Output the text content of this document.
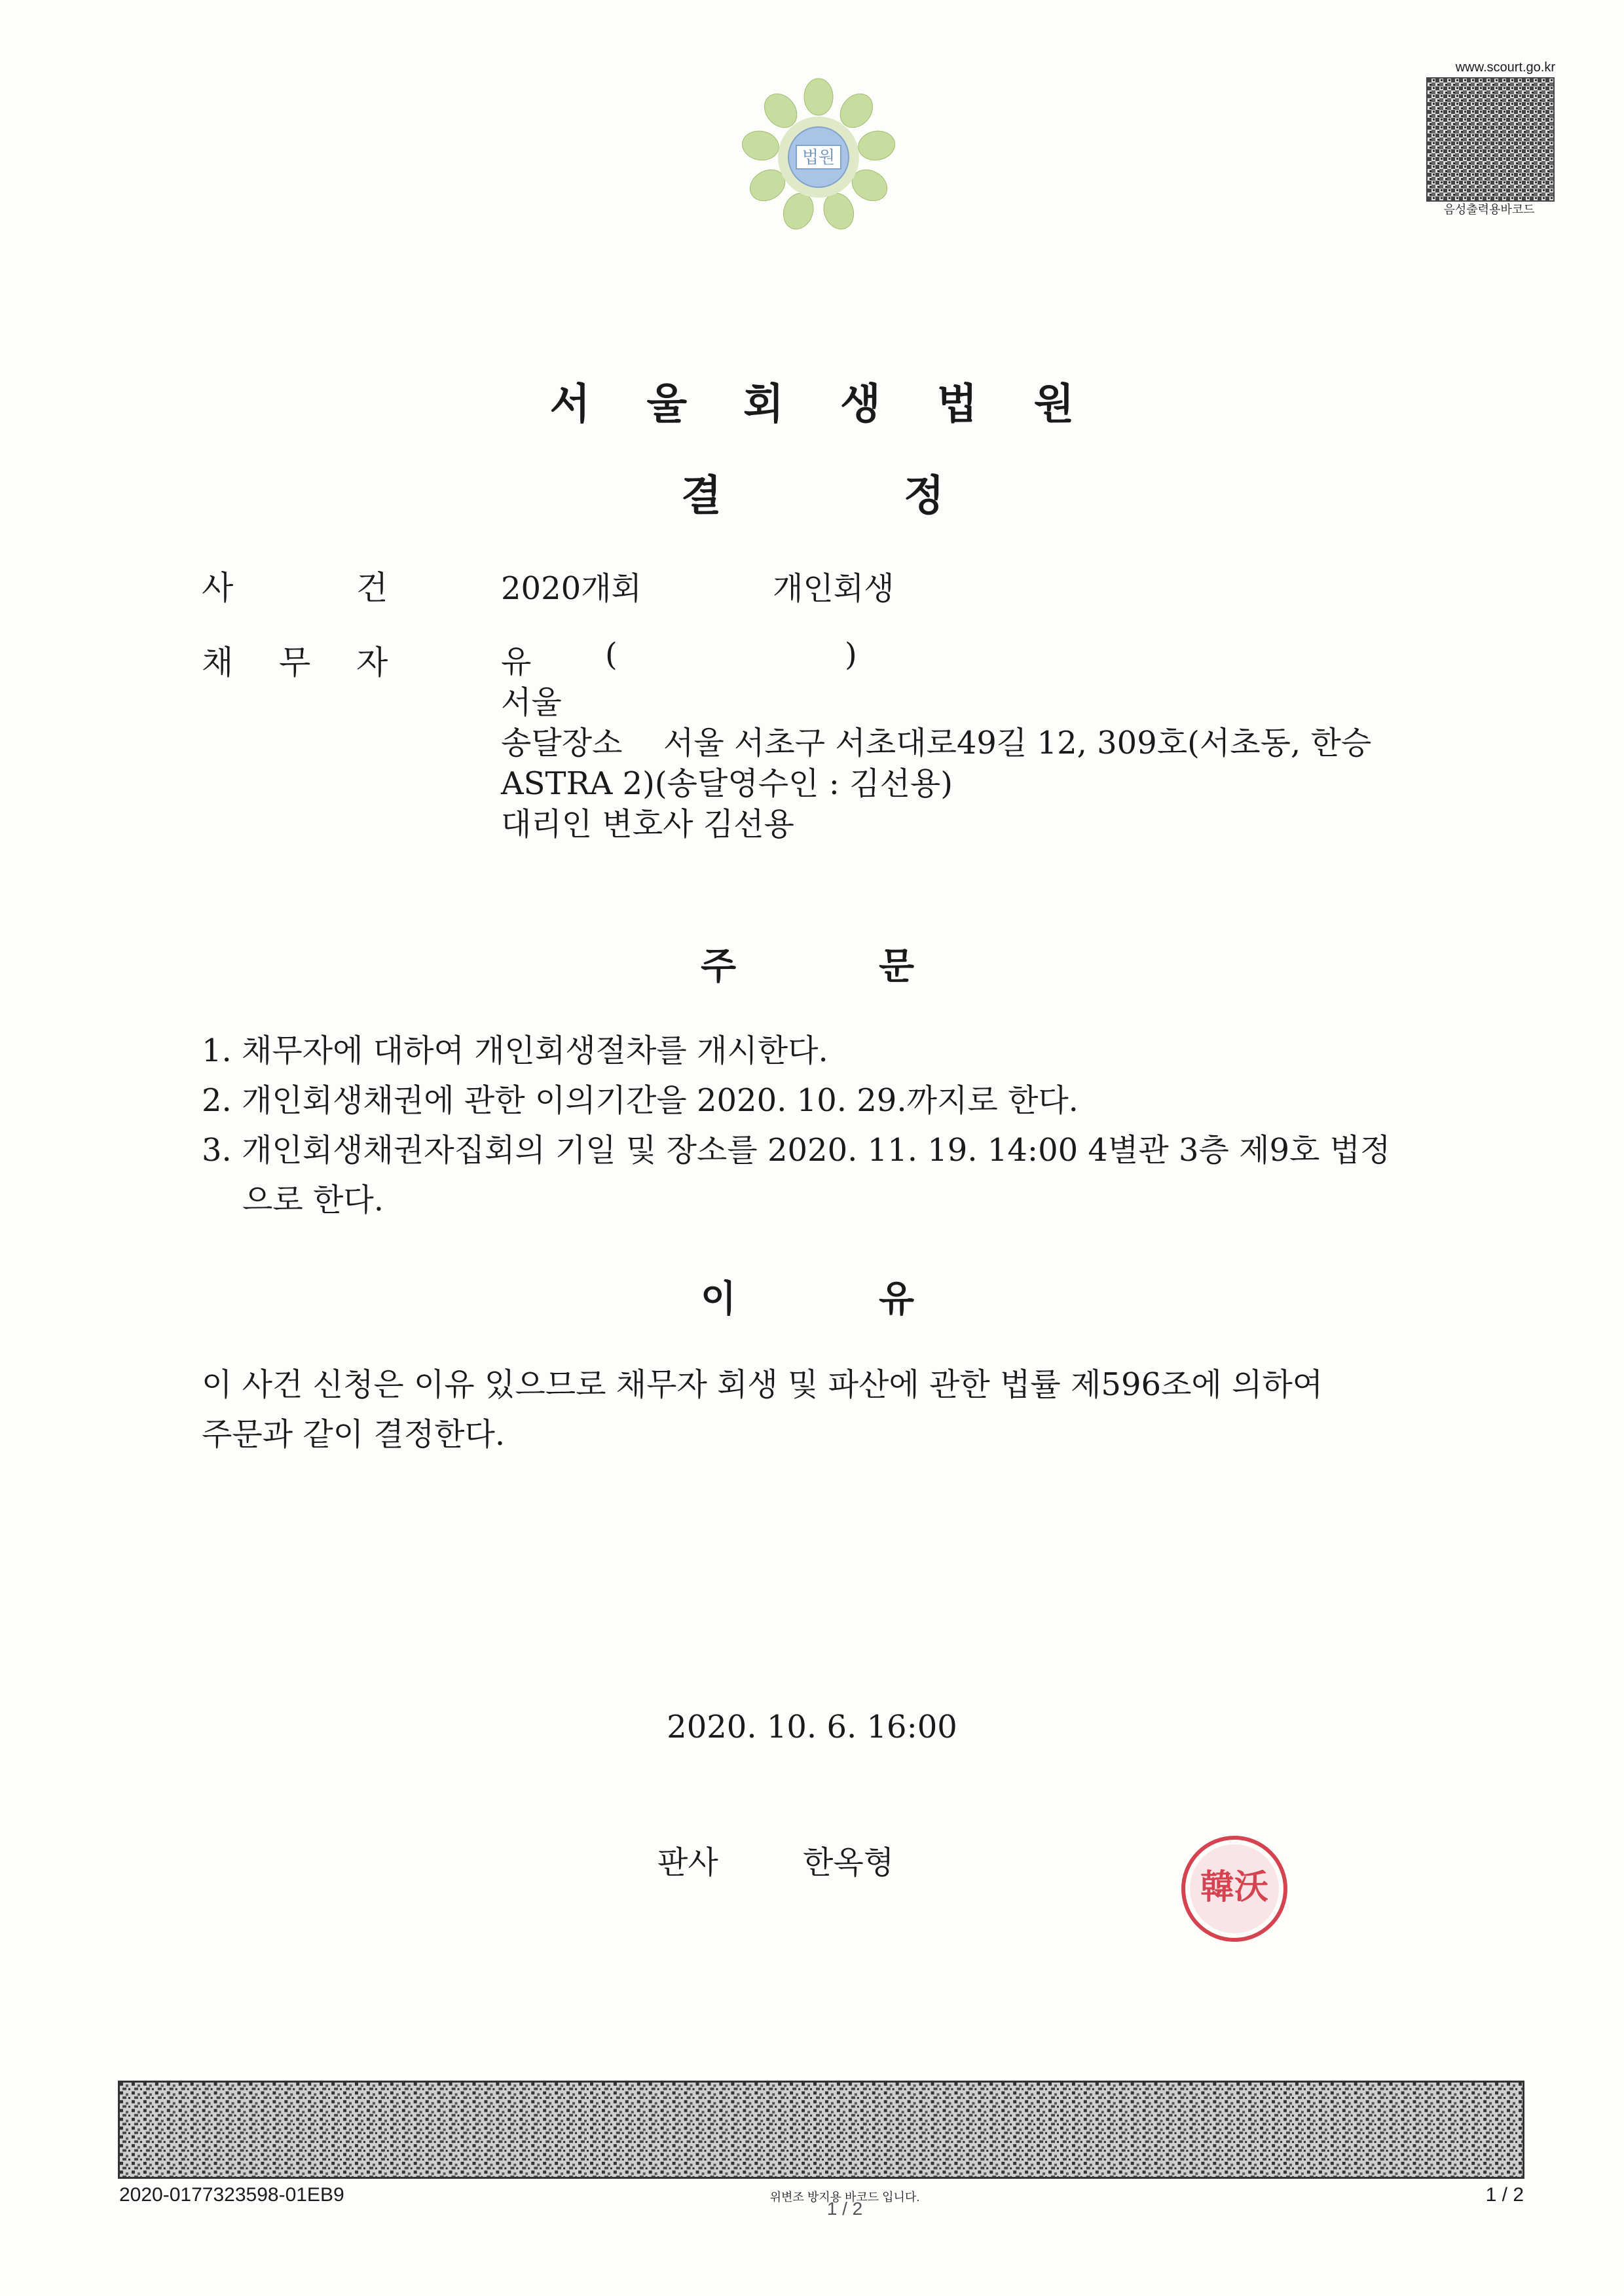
법원
www.scourt.go.kr
음성출력용바코드
서울회생법원
결	정
사	건	2020개회	개인회생
채 무 자	유 (	)
서울
송달장소 서울 서초구 서초대로49길 12, 309호(서초동, 한승
ASTRA 2)(송달영수인 : 김선용)
대리인 변호사 김선용
주	문
1. 채무자에 대하여 개인회생절차를 개시한다.
2. 개인회생채권에 관한 이의기간을 2020. 10. 29.까지로 한다.
3. 개인회생채권자집회의 기일 및 장소를 2020. 11. 19. 14:00 4별관 3층 제9호 법정
으로 한다.
이	유
이 사건 신청은 이유 있으므로 채무자 회생 및 파산에 관한 법률 제596조에 의하여
주문과 같이 결정한다.
2020. 10. 6. 16:00
판사	한옥형
韓沃
2020-0177323598-01EB9	위변조 방지용 바코드 입니다.
1 / 2
1 / 2
